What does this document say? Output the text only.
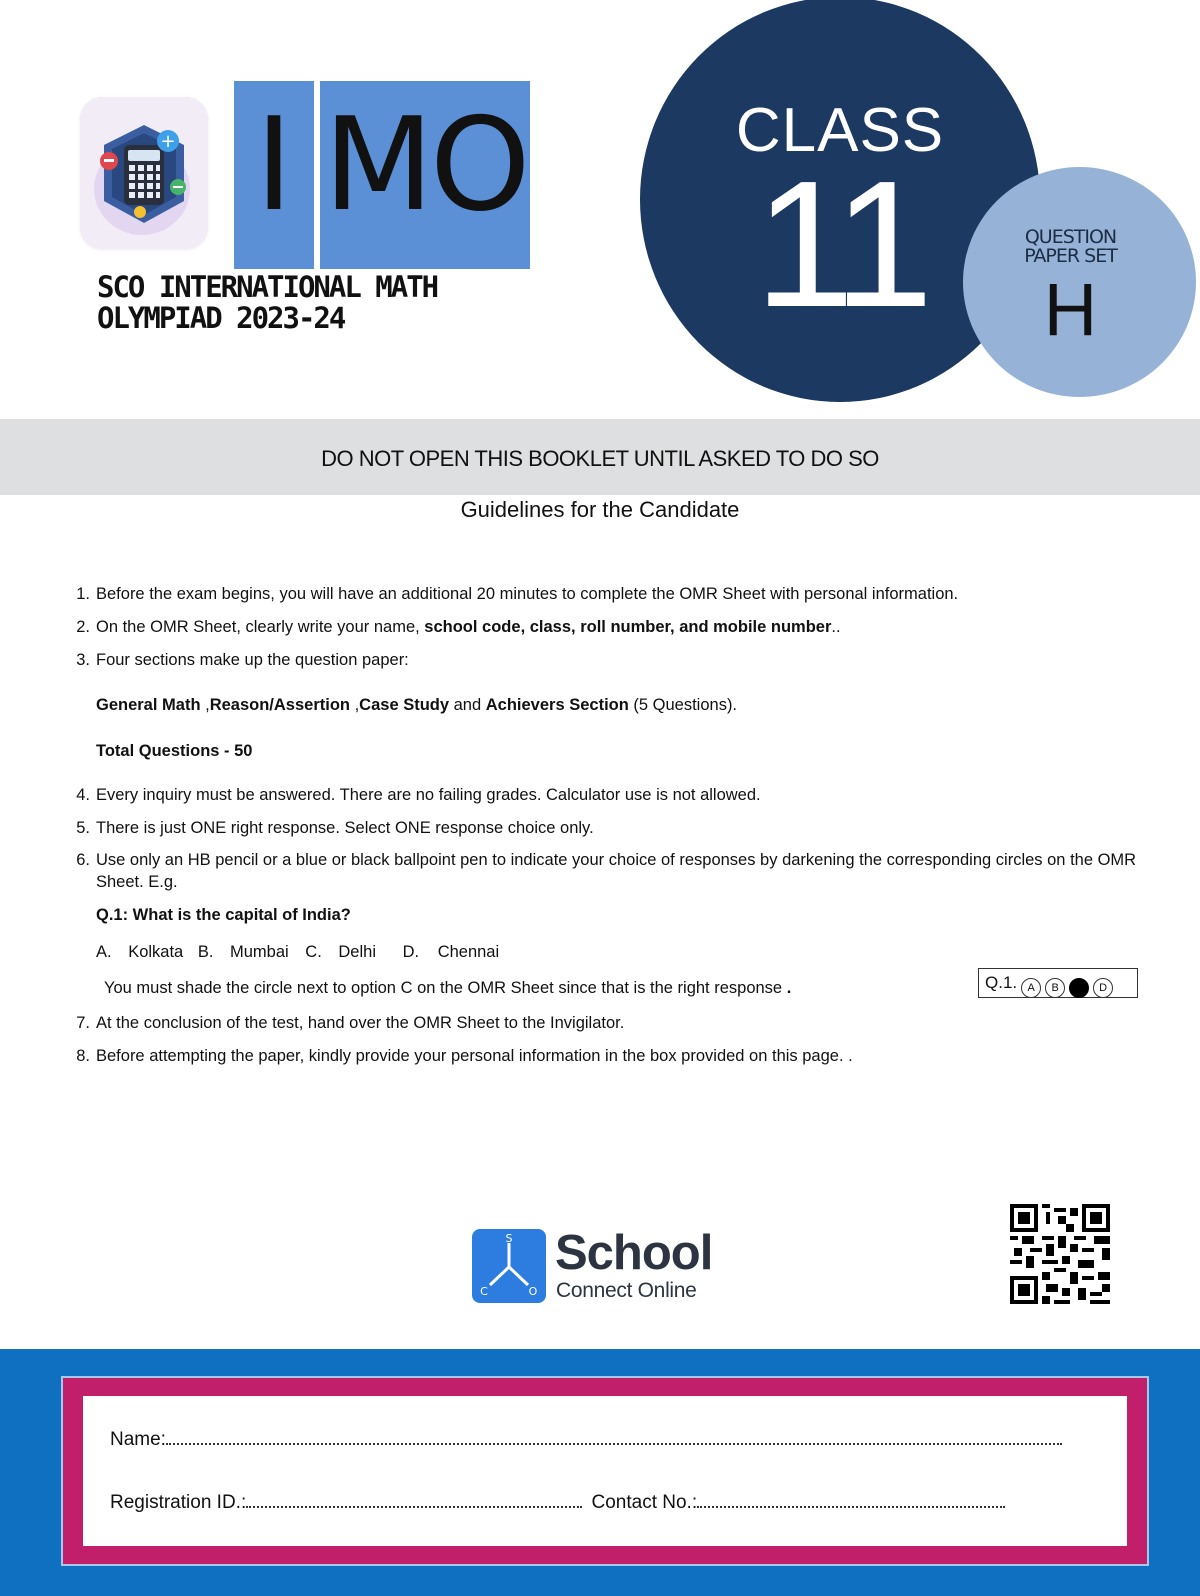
+ I MO
SCO INTERNATIONAL MATH
OLYMPIAD 2023-24
CLASS
11	QUESTION
PAPER SET
H
DO NOT OPEN THIS BOOKLET UNTIL ASKED TO DO SO
Guidelines for the Candidate
1. Before the exam begins, you will have an additional 20 minutes to complete the OMR Sheet with personal information.
2. On the OMR Sheet, clearly write your name, school code, class, roll number, and mobile number..
3. Four sections make up the question paper:
General Math ,Reason/Assertion ,Case Study and Achievers Section (5 Questions).
Total Questions - 50
4. Every inquiry must be answered. There are no failing grades. Calculator use is not allowed.
5. There is just ONE right response. Select ONE response choice only.
6. Use only an HB pencil or a blue or black ballpoint pen to indicate your choice of responses by darkening the corresponding circles on the OMR Sheet. E.g.
Q.1: What is the capital of India?
A. Kolkata B. Mumbai C. Delhi D. Chennai
You must shade the circle next to option C on the OMR Sheet since that is the right response .	Q.1. A B C D
7. At the conclusion of the test, hand over the OMR Sheet to the Invigilator.
8. Before attempting the paper, kindly provide your personal information in the box provided on this page. .
S
C	O
School
Connect Online
Name:
Registration ID.:	Contact No.:
